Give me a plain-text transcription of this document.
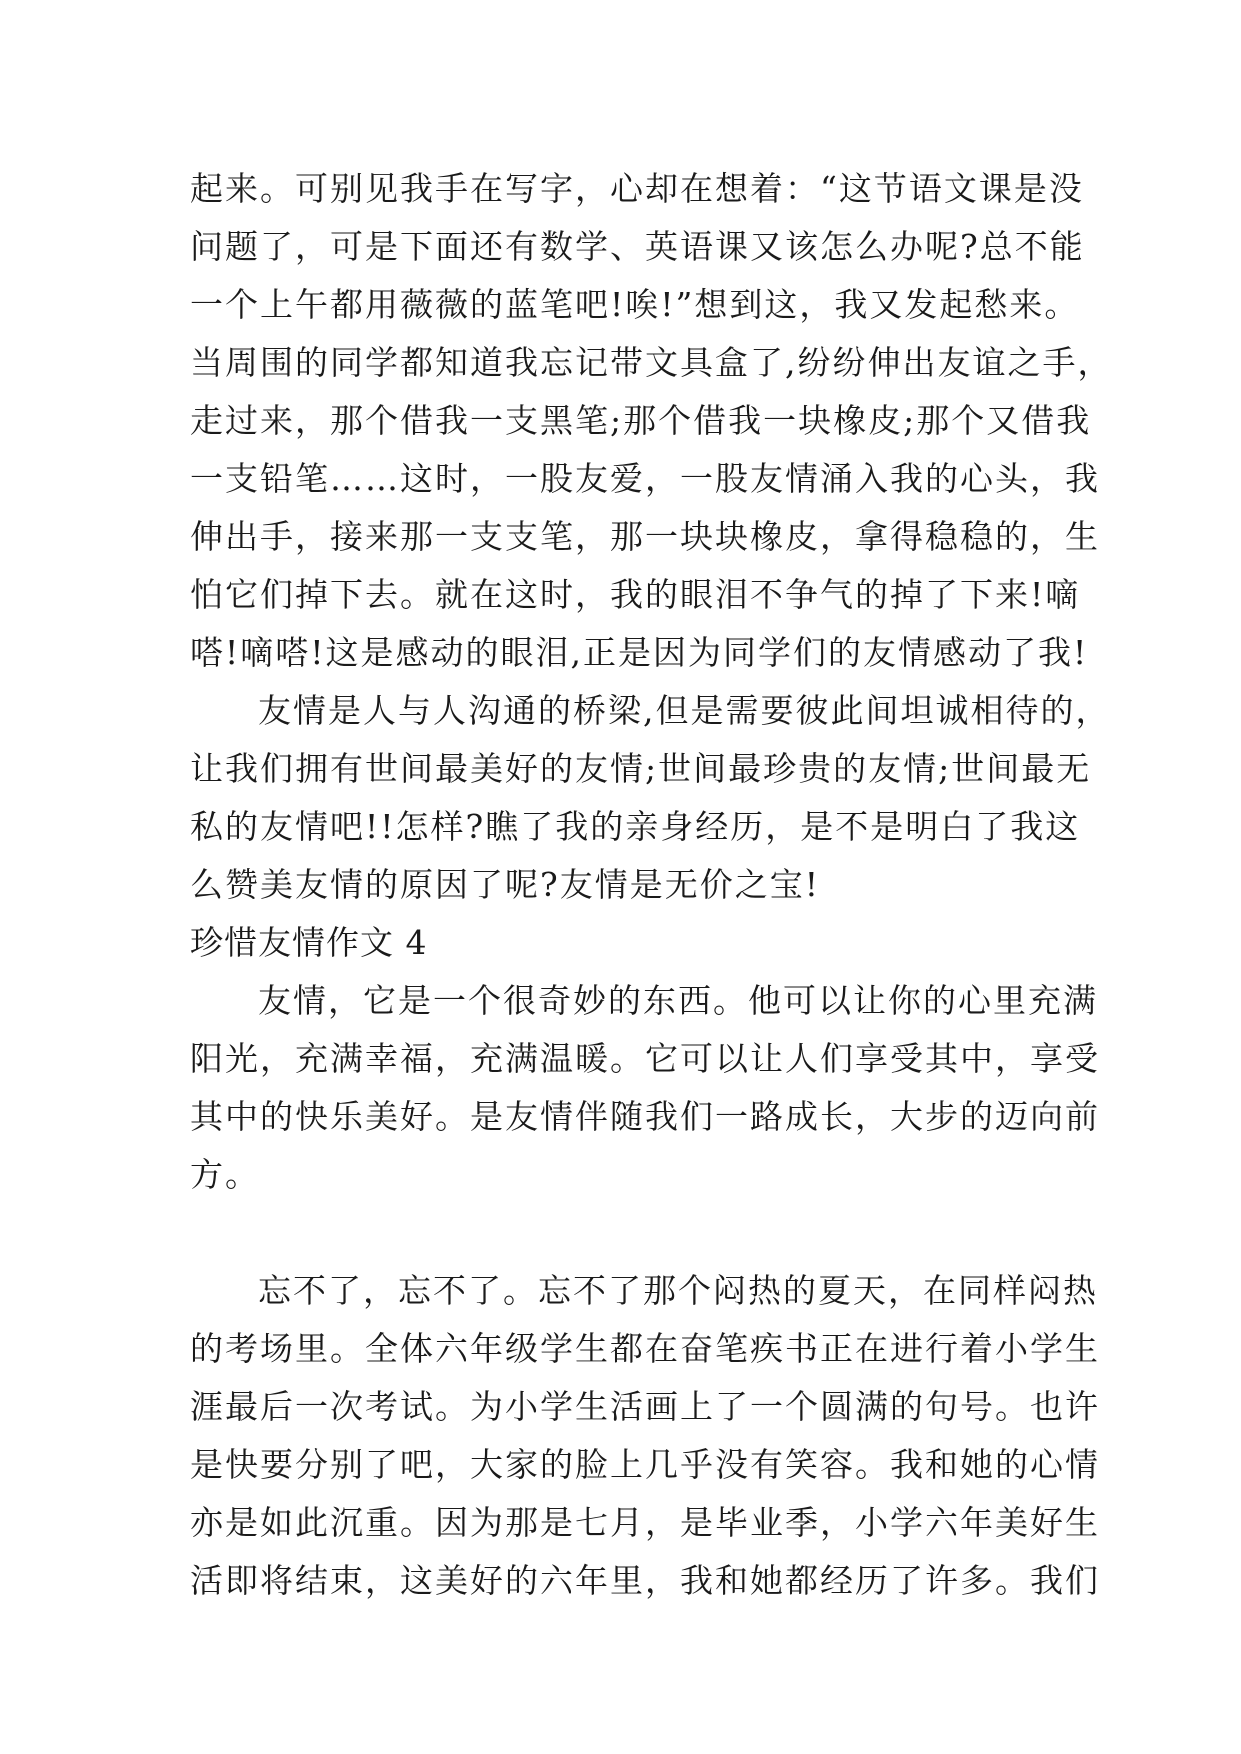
起来。可别见我手在写字，心却在想着：“这节语文课是没
问题了，可是下面还有数学、英语课又该怎么办呢?总不能
一个上午都用薇薇的蓝笔吧!唉!”想到这，我又发起愁来。
当周围的同学都知道我忘记带文具盒了,纷纷伸出友谊之手，
走过来，那个借我一支黑笔;那个借我一块橡皮;那个又借我
一支铅笔……这时，一股友爱，一股友情涌入我的心头，我
伸出手，接来那一支支笔，那一块块橡皮，拿得稳稳的，生
怕它们掉下去。就在这时，我的眼泪不争气的掉了下来!嘀
嗒!嘀嗒!这是感动的眼泪,正是因为同学们的友情感动了我!
友情是人与人沟通的桥梁,但是需要彼此间坦诚相待的，
让我们拥有世间最美好的友情;世间最珍贵的友情;世间最无
私的友情吧!!怎样?瞧了我的亲身经历，是不是明白了我这
么赞美友情的原因了呢?友情是无价之宝!
珍惜友情作文 4
友情，它是一个很奇妙的东西。他可以让你的心里充满
阳光，充满幸福，充满温暖。它可以让人们享受其中，享受
其中的快乐美好。是友情伴随我们一路成长，大步的迈向前
方。
忘不了，忘不了。忘不了那个闷热的夏天，在同样闷热
的考场里。全体六年级学生都在奋笔疾书正在进行着小学生
涯最后一次考试。为小学生活画上了一个圆满的句号。也许
是快要分别了吧，大家的脸上几乎没有笑容。我和她的心情
亦是如此沉重。因为那是七月，是毕业季，小学六年美好生
活即将结束，这美好的六年里，我和她都经历了许多。我们
